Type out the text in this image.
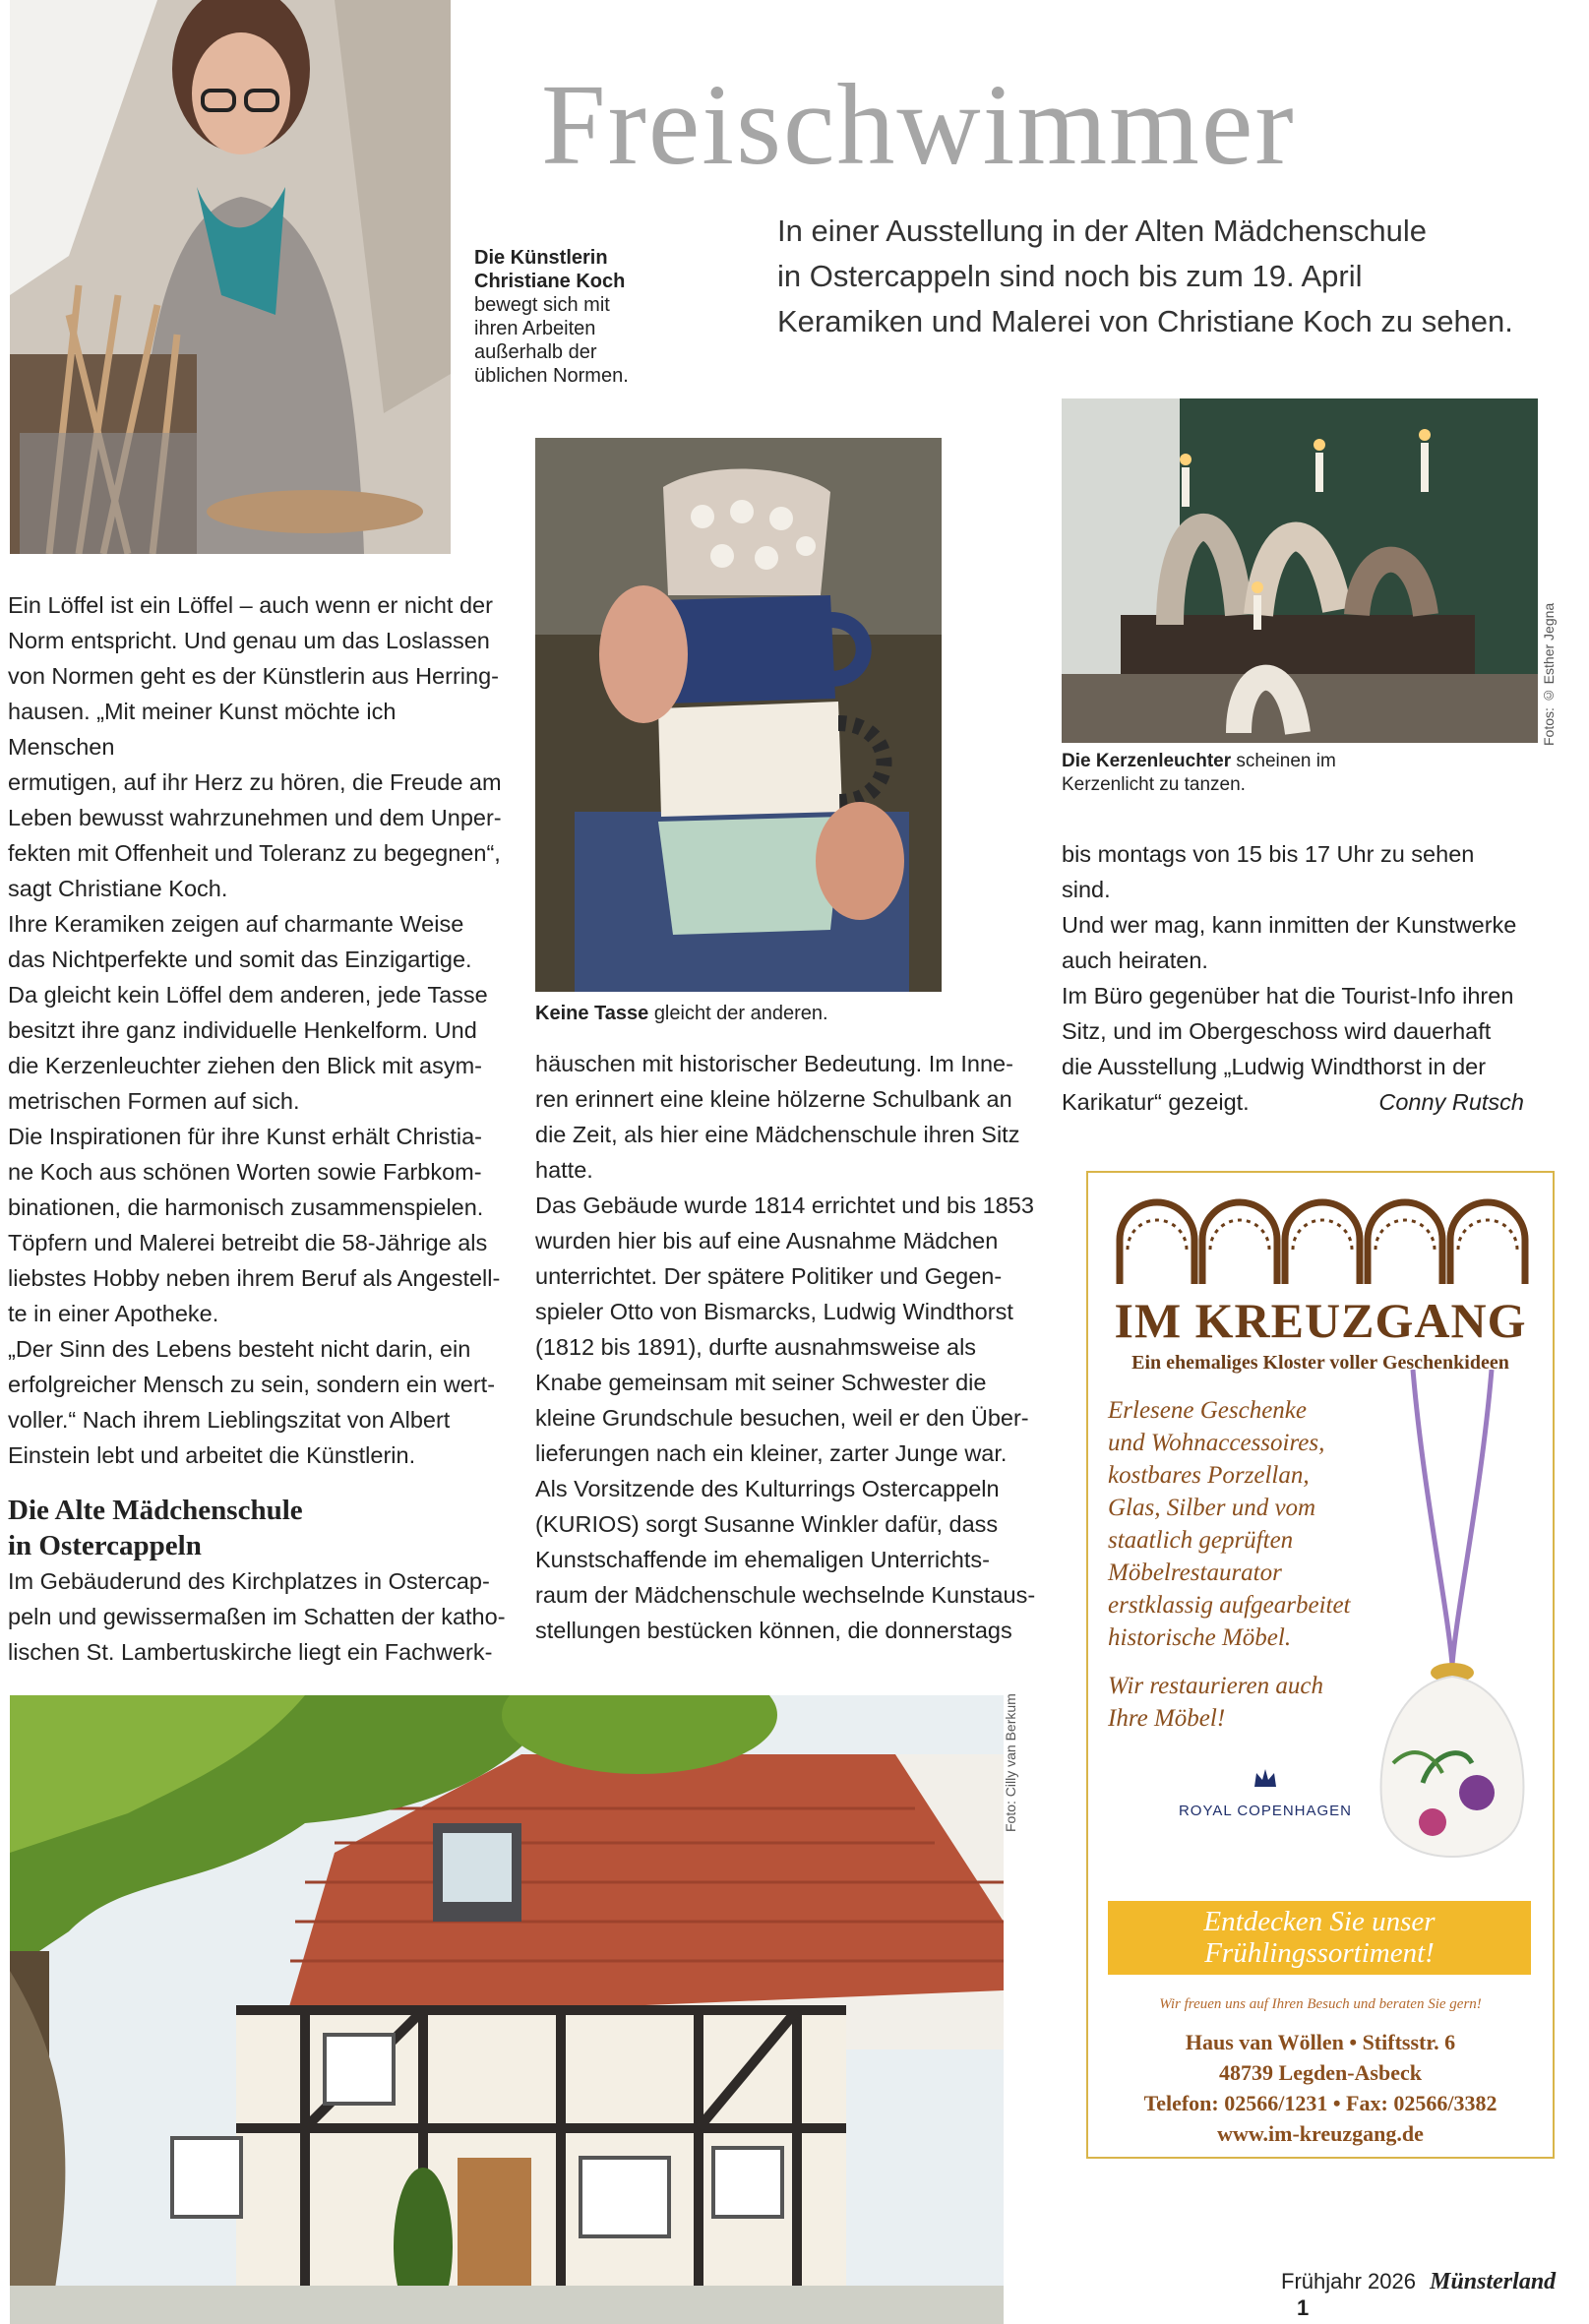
Freischwimmer
In einer Ausstellung in der Alten Mädchenschule
in Ostercappeln sind noch bis zum 19. April
Keramiken und Malerei von Christiane Koch zu sehen.
Die Künstlerin
Christiane Koch
bewegt sich mit
ihren Arbeiten
außerhalb der
üblichen Normen.
Keine Tasse gleicht der anderen.
Fotos: © Esther Jegna
Die Kerzenleuchter scheinen im
Kerzenlicht zu tanzen.

Ein Löffel ist ein Löffel – auch wenn er nicht der

Norm entspricht. Und genau um das Loslassen

von Normen geht es der Künstlerin aus Herring-

hausen. „Mit meiner Kunst möchte ich Menschen

ermutigen, auf ihr Herz zu hören, die Freude am

Leben bewusst wahrzunehmen und dem Unper-

fekten mit Offenheit und Toleranz zu begegnen“,

sagt Christiane Koch.

Ihre Keramiken zeigen auf charmante Weise

das Nichtperfekte und somit das Einzigartige.

Da gleicht kein Löffel dem anderen, jede Tasse

besitzt ihre ganz individuelle Henkelform. Und

die Kerzenleuchter ziehen den Blick mit asym-

metrischen Formen auf sich.

Die Inspirationen für ihre Kunst erhält Christia-

ne Koch aus schönen Worten sowie Farbkom-

binationen, die harmonisch zusammenspielen.

Töpfern und Malerei betreibt die 58-Jährige als

liebstes Hobby neben ihrem Beruf als Angestell-

te in einer Apotheke.

„Der Sinn des Lebens besteht nicht darin, ein

erfolgreicher Mensch zu sein, sondern ein wert-

voller.“ Nach ihrem Lieblingszitat von Albert

Einstein lebt und arbeitet die Künstlerin.

Die Alte Mädchenschule

in Ostercappeln

Im Gebäuderund des Kirchplatzes in Ostercap-

peln und gewissermaßen im Schatten der katho-

lischen St. Lambertuskirche liegt ein Fachwerk-

häuschen mit historischer Bedeutung. Im Inne-

ren erinnert eine kleine hölzerne Schulbank an

die Zeit, als hier eine Mädchenschule ihren Sitz

hatte.

Das Gebäude wurde 1814 errichtet und bis 1853

wurden hier bis auf eine Ausnahme Mädchen

unterrichtet. Der spätere Politiker und Gegen-

spieler Otto von Bismarcks, Ludwig Windthorst

(1812 bis 1891), durfte ausnahmsweise als

Knabe gemeinsam mit seiner Schwester die

kleine Grundschule besuchen, weil er den Über-

lieferungen nach ein kleiner, zarter Junge war.

Als Vorsitzende des Kulturrings Ostercappeln

(KURIOS) sorgt Susanne Winkler dafür, dass

Kunstschaffende im ehemaligen Unterrichts-

raum der Mädchenschule wechselnde Kunstaus-

stellungen bestücken können, die donnerstags

bis montags von 15 bis 17 Uhr zu sehen sind.

Und wer mag, kann inmitten der Kunstwerke

auch heiraten.

Im Büro gegenüber hat die Tourist-Info ihren

Sitz, und im Obergeschoss wird dauerhaft

die Ausstellung „Ludwig Windthorst in der

Karikatur“ gezeigt.	Conny Rutsch

Foto: Cilly van Berkum
IM KREUZGANG
Ein ehemaliges Kloster voller Geschenkideen
Erlesene Geschenke
und Wohnaccessoires,
kostbares Porzellan,
Glas, Silber und vom
staatlich geprüften
Möbelrestaurator
erstklassig aufgearbeitet
historische Möbel.
Wir restaurieren auch
Ihre Möbel!
ROYAL COPENHAGEN
Entdecken Sie unser
Frühlingssortiment!
Wir freuen uns auf Ihren Besuch und beraten Sie gern!
Haus van Wöllen • Stiftsstr. 6
48739 Legden-Asbeck
Telefon: 02566/1231 • Fax: 02566/3382
www.im-kreuzgang.de
Frühjahr 2026 Münsterland 1
